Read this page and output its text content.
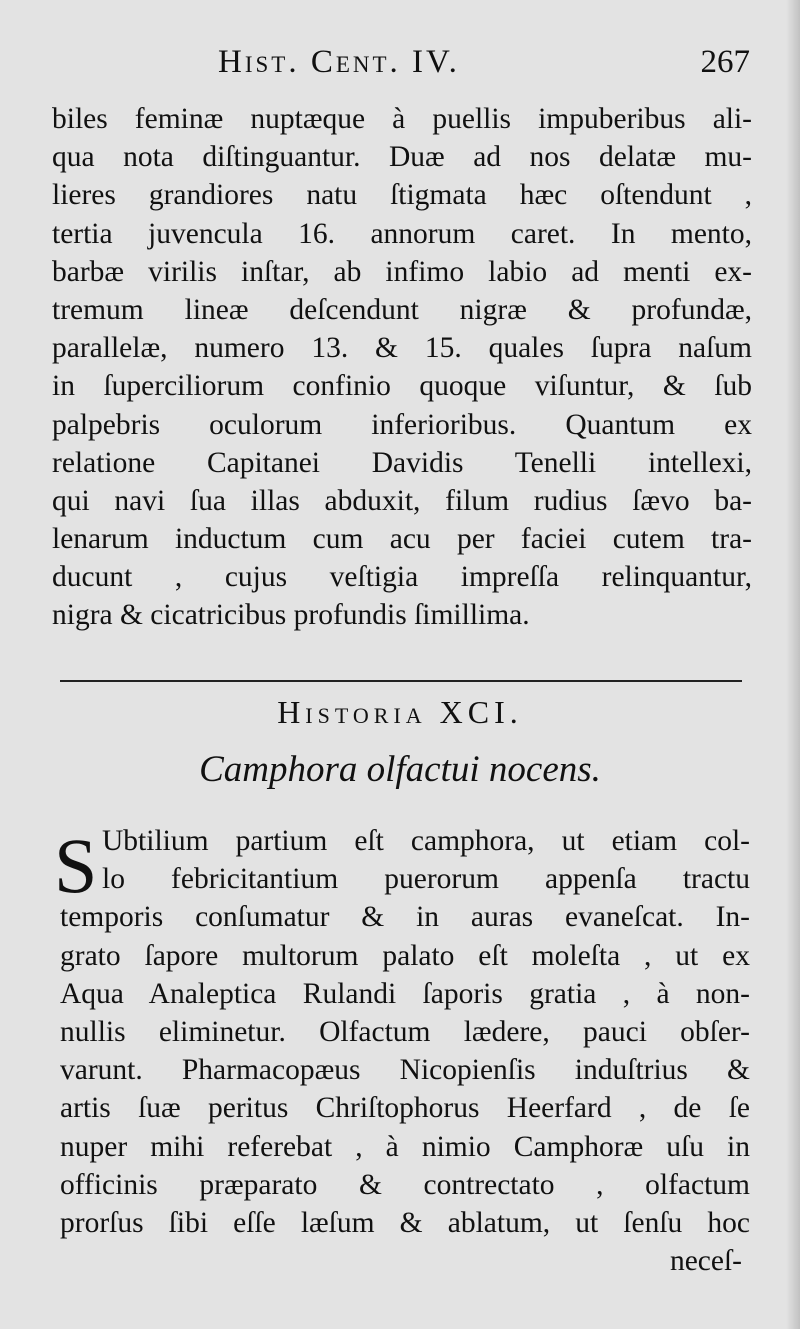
Hist. Cent. IV.	267
biles feminæ nuptæque à puellis impuberibus ali-
qua nota diſtinguantur. Duæ ad nos delatæ mu-
lieres grandiores natu ſtigmata hæc oſtendunt ,
tertia juvencula 16. annorum caret. In mento,
barbæ virilis inſtar, ab infimo labio ad menti ex-
tremum lineæ deſcendunt nigræ & profundæ,
parallelæ, numero 13. & 15. quales ſupra naſum
in ſuperciliorum confinio quoque viſuntur, & ſub
palpebris oculorum inferioribus. Quantum ex
relatione Capitanei Davidis Tenelli intellexi,
qui navi ſua illas abduxit, filum rudius ſævo ba-
lenarum inductum cum acu per faciei cutem tra-
ducunt , cujus veſtigia impreſſa relinquantur,
nigra & cicatricibus profundis ſimillima.
Historia XCI.
Camphora olfactui nocens.
S Ubtilium partium eſt camphora, ut etiam col-
lo febricitantium puerorum appenſa tractu
temporis conſumatur & in auras evaneſcat. In-
grato ſapore multorum palato eſt moleſta , ut ex
Aqua Analeptica Rulandi ſaporis gratia , à non-
nullis eliminetur. Olfactum lædere, pauci obſer-
varunt. Pharmacopæus Nicopienſis induſtrius &
artis ſuæ peritus Chriſtophorus Heerfard , de ſe
nuper mihi referebat , à nimio Camphoræ uſu in
officinis præparato & contrectato , olfactum
prorſus ſibi eſſe læſum & ablatum, ut ſenſu hoc
neceſ-
